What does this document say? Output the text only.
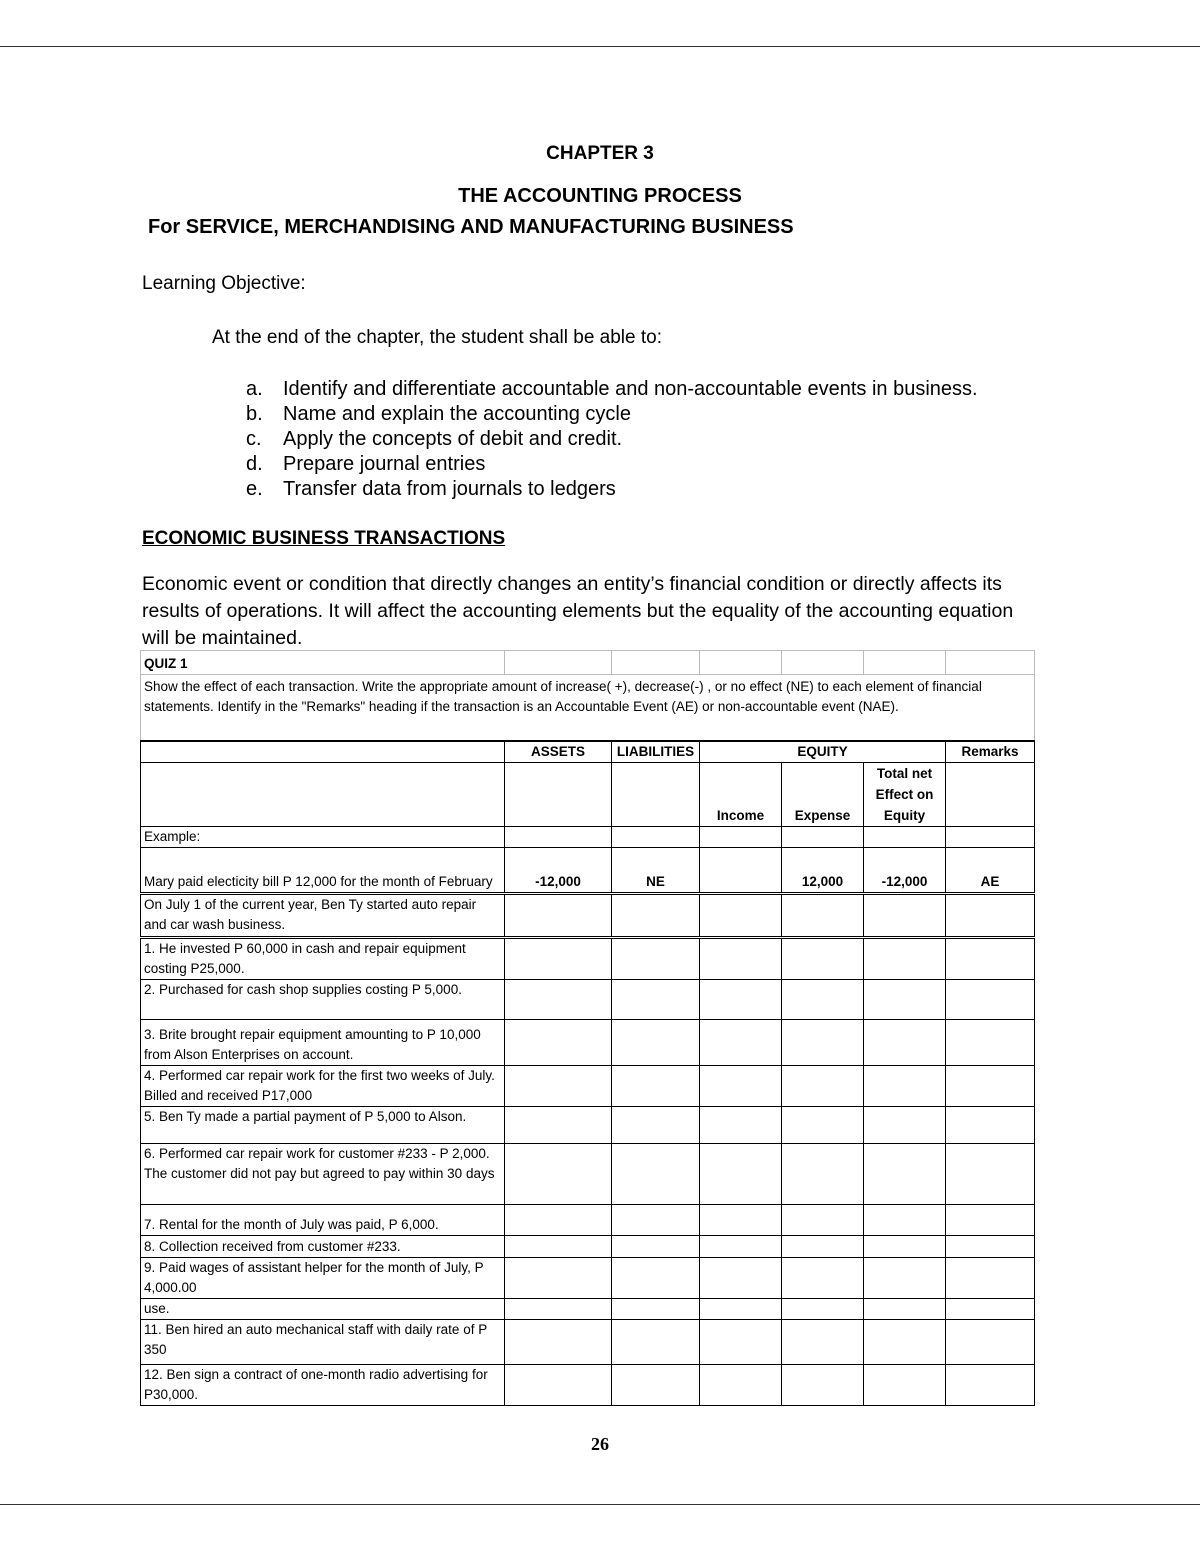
CHAPTER 3
THE ACCOUNTING PROCESS
For SERVICE, MERCHANDISING AND MANUFACTURING BUSINESS
Learning Objective:
At the end of the chapter, the student shall be able to:
a.	Identify and differentiate accountable and non-accountable events in business.
b.	Name and explain the accounting cycle
c.	Apply the concepts of debit and credit.
d.	Prepare journal entries
e.	Transfer data from journals to ledgers
ECONOMIC BUSINESS TRANSACTIONS
Economic event or condition that directly changes an entity’s financial condition or directly affects its results of operations. It will affect the accounting elements but the equality of the accounting equation will be maintained.
QUIZ 1						
Show the effect of each transaction. Write the appropriate amount of increase( +), decrease(-) , or no effect (NE) to each element of financial statements. Identify in the "Remarks" heading if the transaction is an Accountable Event (AE) or non-accountable event (NAE).						
	ASSETS	LIABILITIES	EQUITY			Remarks
			Income	Expense	Total net Effect on Equity	
Example:						
Mary paid electicity bill P 12,000 for the month of February	-12,000	NE		12,000	-12,000	AE
On July 1 of the current year, Ben Ty started auto repair and car wash business.						
1. He invested P 60,000 in cash and repair equipment costing P25,000.						
2. Purchased for cash shop supplies costing P 5,000.						
3. Brite brought repair equipment amounting to P 10,000 from Alson Enterprises on account.						
4. Performed car repair work for the first two weeks of July. Billed and received P17,000						
5. Ben Ty made a partial payment of P 5,000 to Alson.						
6. Performed car repair work for customer #233 - P 2,000. The customer did not pay but agreed to pay within 30 days						
7. Rental for the month of July was paid, P 6,000.						
8. Collection received from customer #233.						
9. Paid wages of assistant helper for the month of July, P 4,000.00						
use.						
11. Ben hired an auto mechanical staff with daily rate of P 350						
12. Ben sign a contract of one-month radio advertising for P30,000.						
26
